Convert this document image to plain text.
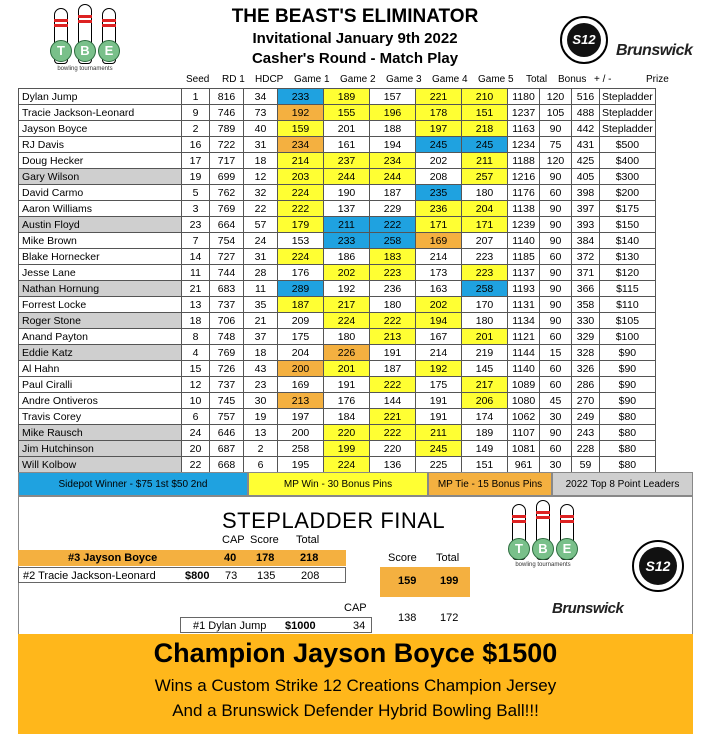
THE BEAST'S ELIMINATOR
Invitational January 9th 2022
Casher's Round - Match Play
T	B	E
bowling tournaments
S12
Brunswick
Seed RD 1 HDCP Game 1 Game 2 Game 3 Game 4 Game 5 Total Bonus + / -	Prize
Dylan Jump	1	816	34	233	189	157	221	210	1180	120	516	Stepladder
Tracie Jackson-Leonard	9	746	73	192	155	196	178	151	1237	105	488	Stepladder
Jayson Boyce	2	789	40	159	201	188	197	218	1163	90	442	Stepladder
RJ Davis	16	722	31	234	161	194	245	245	1234	75	431	$500
Doug Hecker	17	717	18	214	237	234	202	211	1188	120	425	$400
Gary Wilson	19	699	12	203	244	244	208	257	1216	90	405	$300
David Carmo	5	762	32	224	190	187	235	180	1176	60	398	$200
Aaron Williams	3	769	22	222	137	229	236	204	1138	90	397	$175
Austin Floyd	23	664	57	179	211	222	171	171	1239	90	393	$150
Mike Brown	7	754	24	153	233	258	169	207	1140	90	384	$140
Blake Hornecker	14	727	31	224	186	183	214	223	1185	60	372	$130
Jesse Lane	11	744	28	176	202	223	173	223	1137	90	371	$120
Nathan Hornung	21	683	11	289	192	236	163	258	1193	90	366	$115
Forrest Locke	13	737	35	187	217	180	202	170	1131	90	358	$110
Roger Stone	18	706	21	209	224	222	194	180	1134	90	330	$105
Anand Payton	8	748	37	175	180	213	167	201	1121	60	329	$100
Eddie Katz	4	769	18	204	226	191	214	219	1144	15	328	$90
Al Hahn	15	726	43	200	201	187	192	145	1140	60	326	$90
Paul Ciralli	12	737	23	169	191	222	175	217	1089	60	286	$90
Andre Ontiveros	10	745	30	213	176	144	191	206	1080	45	270	$90
Travis Corey	6	757	19	197	184	221	191	174	1062	30	249	$80
Mike Rausch	24	646	13	200	220	222	211	189	1107	90	243	$80
Jim Hutchinson	20	687	2	258	199	220	245	149	1081	60	228	$80
Will Kolbow	22	668	6	195	224	136	225	151	961	30	59	$80
Sidepot Winner - $75 1st $50 2nd	MP Win - 30 Bonus Pins	MP Tie - 15 Bonus Pins	2022 Top 8 Point Leaders
STEPLADDER FINAL
CAP Score Total
#3 Jayson Boyce	40 178 218
#2 Tracie Jackson-Leonard	$800 73 135 208
Score Total
159 199
138 172
CAP
#1 Dylan Jump $1000	34
T	B	E
bowling tournaments	S12
Brunswick
Champion Jayson Boyce $1500
Wins a Custom Strike 12 Creations Champion Jersey
And a Brunswick Defender Hybrid Bowling Ball!!!
